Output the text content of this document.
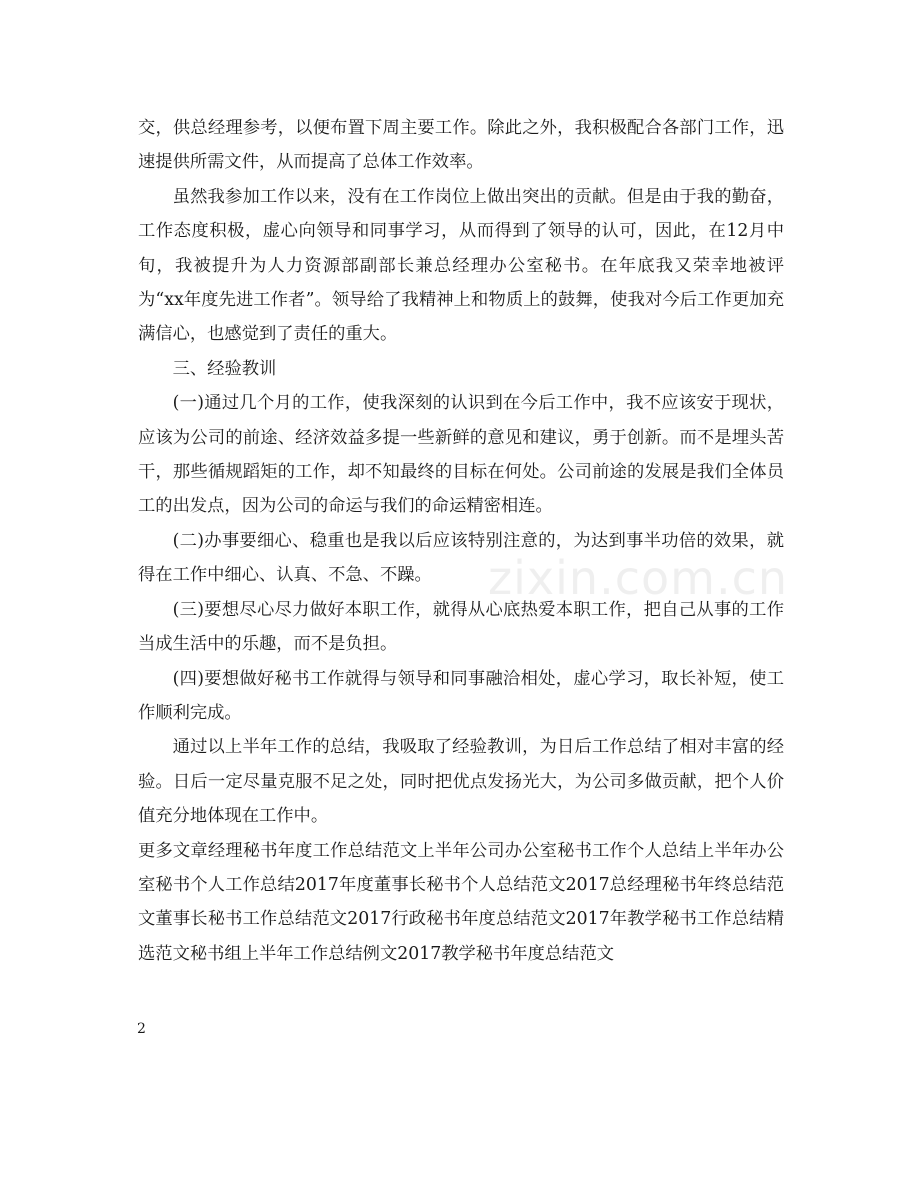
交，供总经理参考，以便布置下周主要工作。除此之外，我积极配合各部门工作，迅速提供所需文件，从而提高了总体工作效率。

虽然我参加工作以来，没有在工作岗位上做出突出的贡献。但是由于我的勤奋，工作态度积极，虚心向领导和同事学习，从而得到了领导的认可，因此，在12月中旬，我被提升为人力资源部副部长兼总经理办公室秘书。在年底我又荣幸地被评为“xx年度先进工作者”。领导给了我精神上和物质上的鼓舞，使我对今后工作更加充满信心，也感觉到了责任的重大。

三、经验教训

(一)通过几个月的工作，使我深刻的认识到在今后工作中，我不应该安于现状，应该为公司的前途、经济效益多提一些新鲜的意见和建议，勇于创新。而不是埋头苦干，那些循规蹈矩的工作，却不知最终的目标在何处。公司前途的发展是我们全体员工的出发点，因为公司的命运与我们的命运精密相连。

(二)办事要细心、稳重也是我以后应该特别注意的，为达到事半功倍的效果，就得在工作中细心、认真、不急、不躁。

(三)要想尽心尽力做好本职工作，就得从心底热爱本职工作，把自己从事的工作当成生活中的乐趣，而不是负担。

(四)要想做好秘书工作就得与领导和同事融洽相处，虚心学习，取长补短，使工作顺利完成。

通过以上半年工作的总结，我吸取了经验教训，为日后工作总结了相对丰富的经验。日后一定尽量克服不足之处，同时把优点发扬光大，为公司多做贡献，把个人价值充分地体现在工作中。

更多文章经理秘书年度工作总结范文上半年公司办公室秘书工作个人总结上半年办公室秘书个人工作总结2017年度董事长秘书个人总结范文2017总经理秘书年终总结范文董事长秘书工作总结范文2017行政秘书年度总结范文2017年教学秘书工作总结精选范文秘书组上半年工作总结例文2017教学秘书年度总结范文

zixin.com.cn
2
